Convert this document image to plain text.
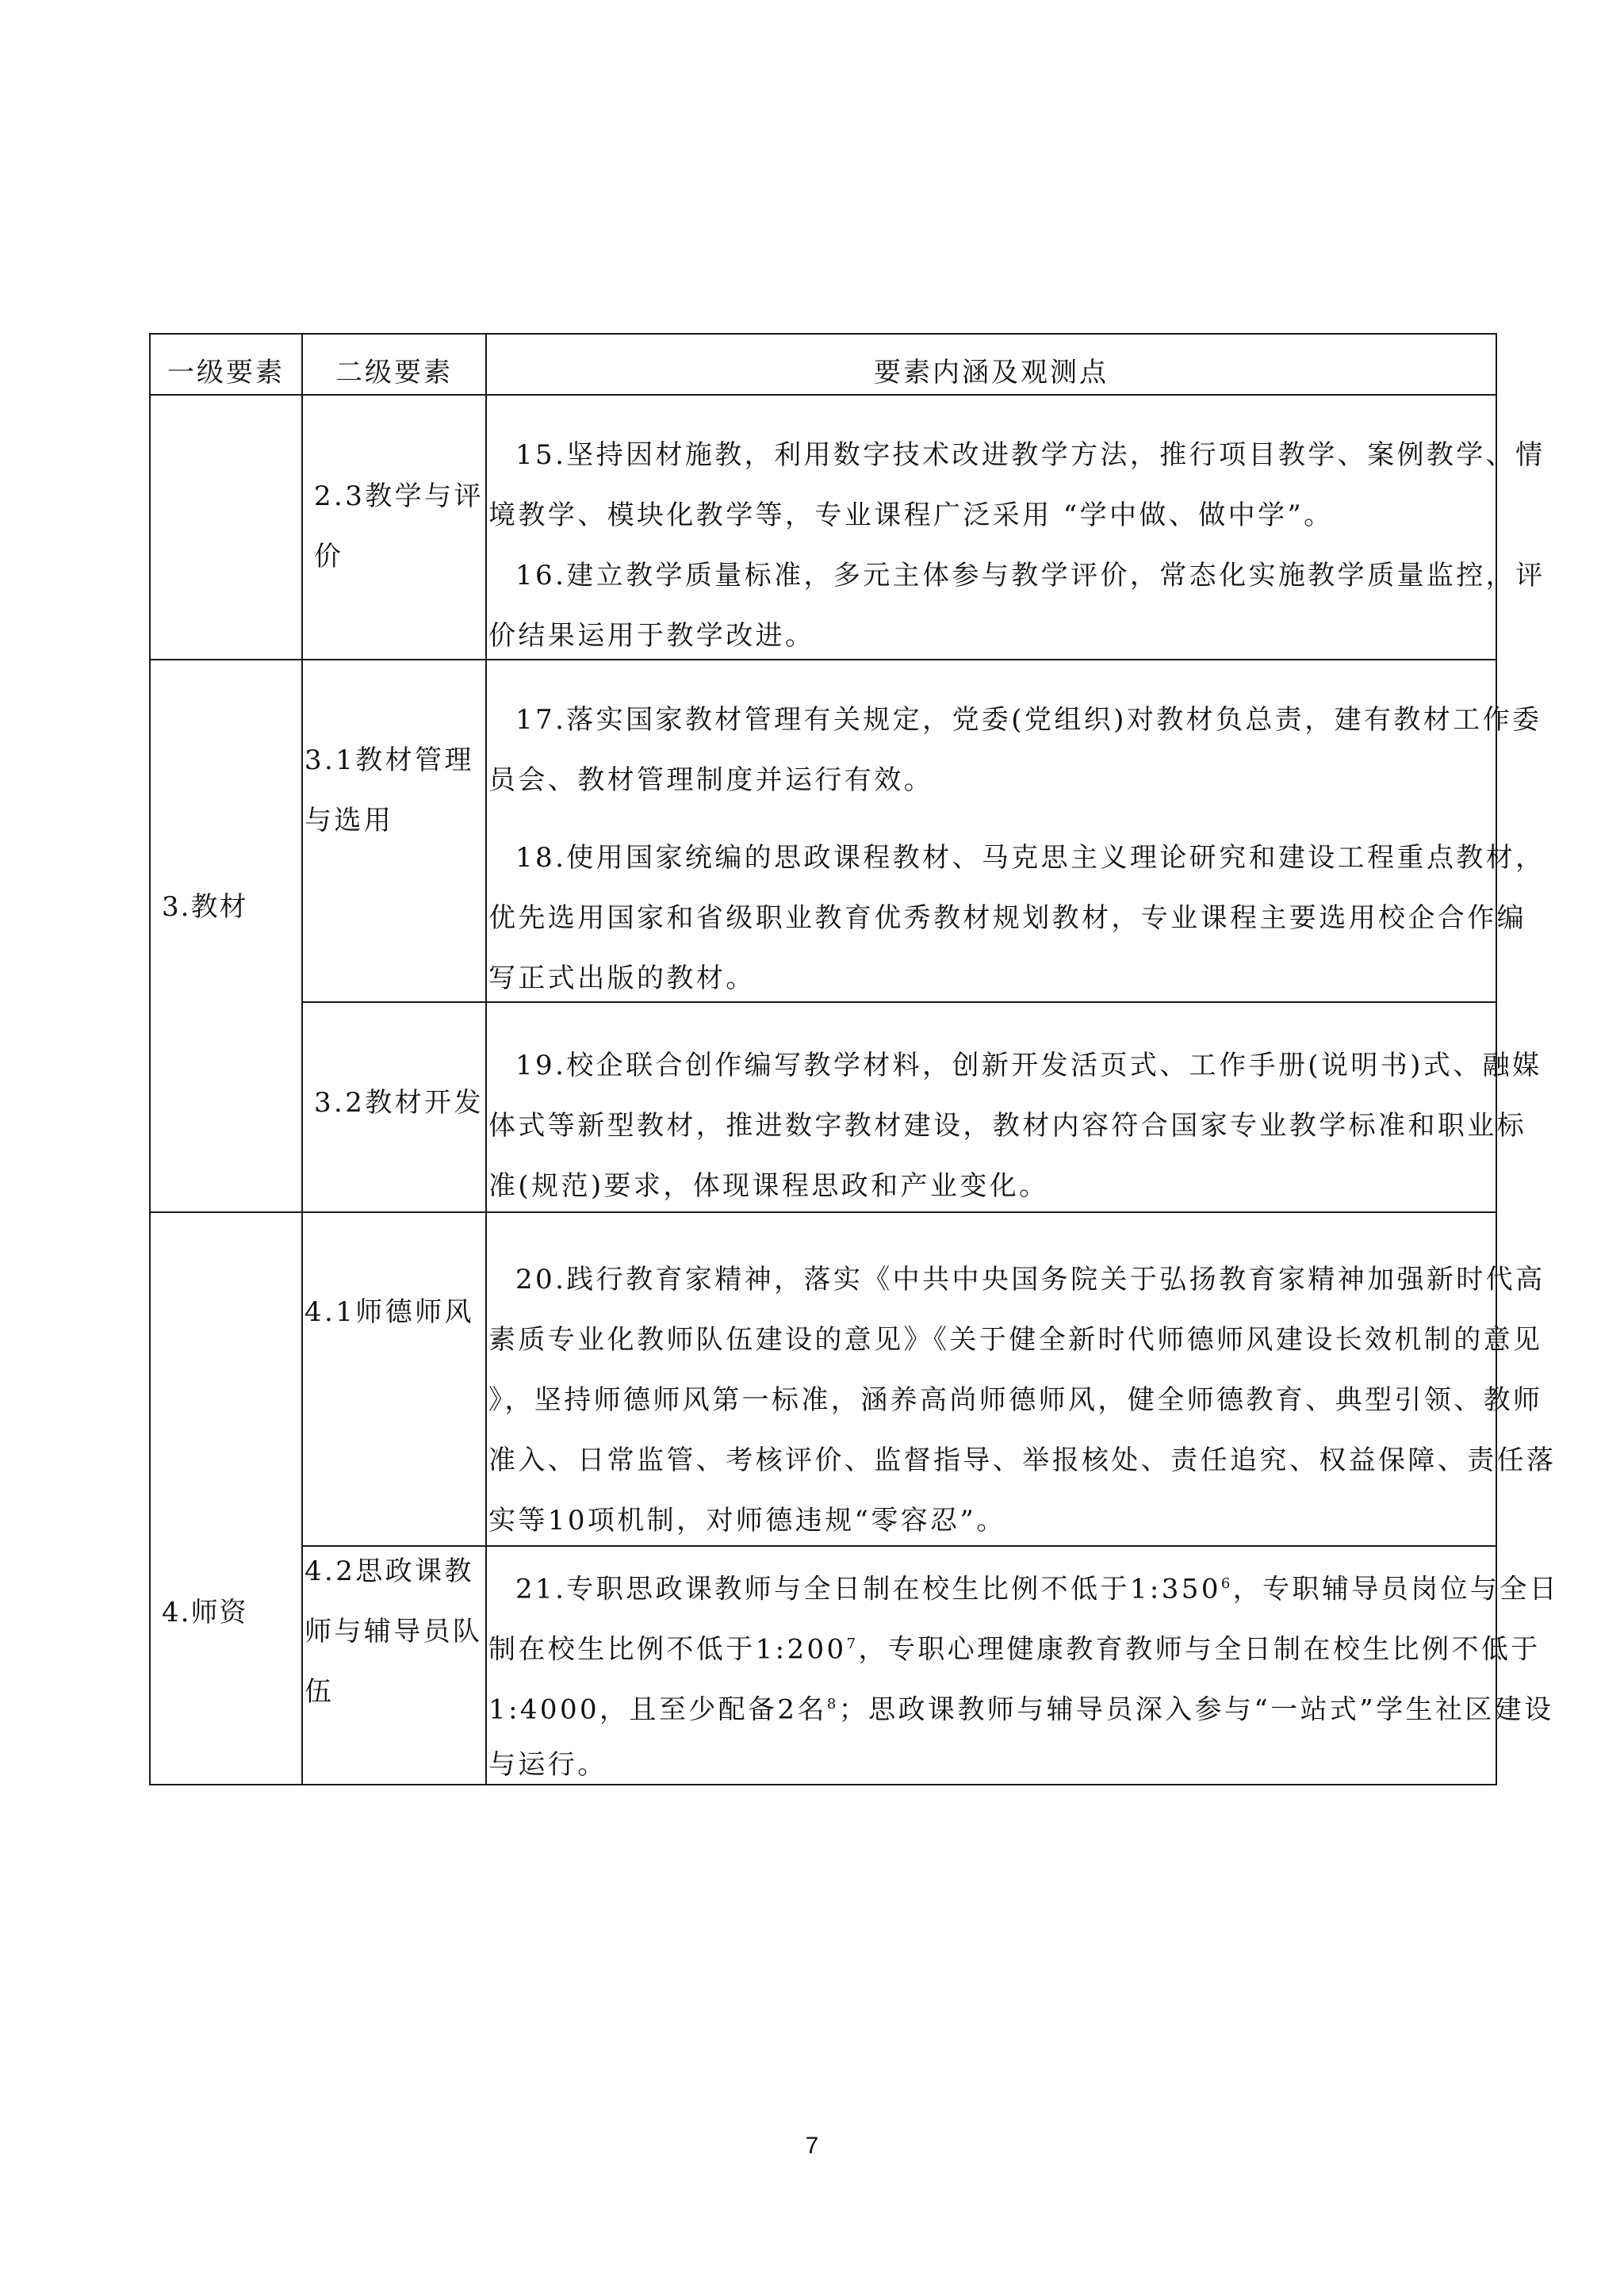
一级要素	二级要素	要素内涵及观测点
3.教材
4.师资
2.3教学与评
价
3.1教材管理
与选用
3.2教材开发
4.1师德师风
4.2思政课教
师与辅导员队
伍
15.坚持因材施教，利用数字技术改进教学方法，推行项目教学、案例教学、情
境教学、模块化教学等，专业课程广泛采用 “学中做、做中学”。
16.建立教学质量标准，多元主体参与教学评价，常态化实施教学质量监控，评
价结果运用于教学改进。
17.落实国家教材管理有关规定，党委(党组织)对教材负总责，建有教材工作委
员会、教材管理制度并运行有效。
18.使用国家统编的思政课程教材、马克思主义理论研究和建设工程重点教材，
优先选用国家和省级职业教育优秀教材规划教材，专业课程主要选用校企合作编
写正式出版的教材。
19.校企联合创作编写教学材料，创新开发活页式、工作手册(说明书)式、融媒
体式等新型教材，推进数字教材建设，教材内容符合国家专业教学标准和职业标
准(规范)要求，体现课程思政和产业变化。
20.践行教育家精神，落实《中共中央国务院关于弘扬教育家精神加强新时代高
素质专业化教师队伍建设的意见》《关于健全新时代师德师风建设长效机制的意见
》，坚持师德师风第一标准，涵养高尚师德师风，健全师德教育、典型引领、教师
准入、日常监管、考核评价、监督指导、举报核处、责任追究、权益保障、责任落
实等10项机制，对师德违规“零容忍”。
21.专职思政课教师与全日制在校生比例不低于$1:350^6$，专职辅导员岗位与全日
制在校生比例不低于$1:200^7$，专职心理健康教育教师与全日制在校生比例不低于
1:4000，且至少配备2名$^8$；思政课教师与辅导员深入参与“一站式”学生社区建设
与运行。
7
